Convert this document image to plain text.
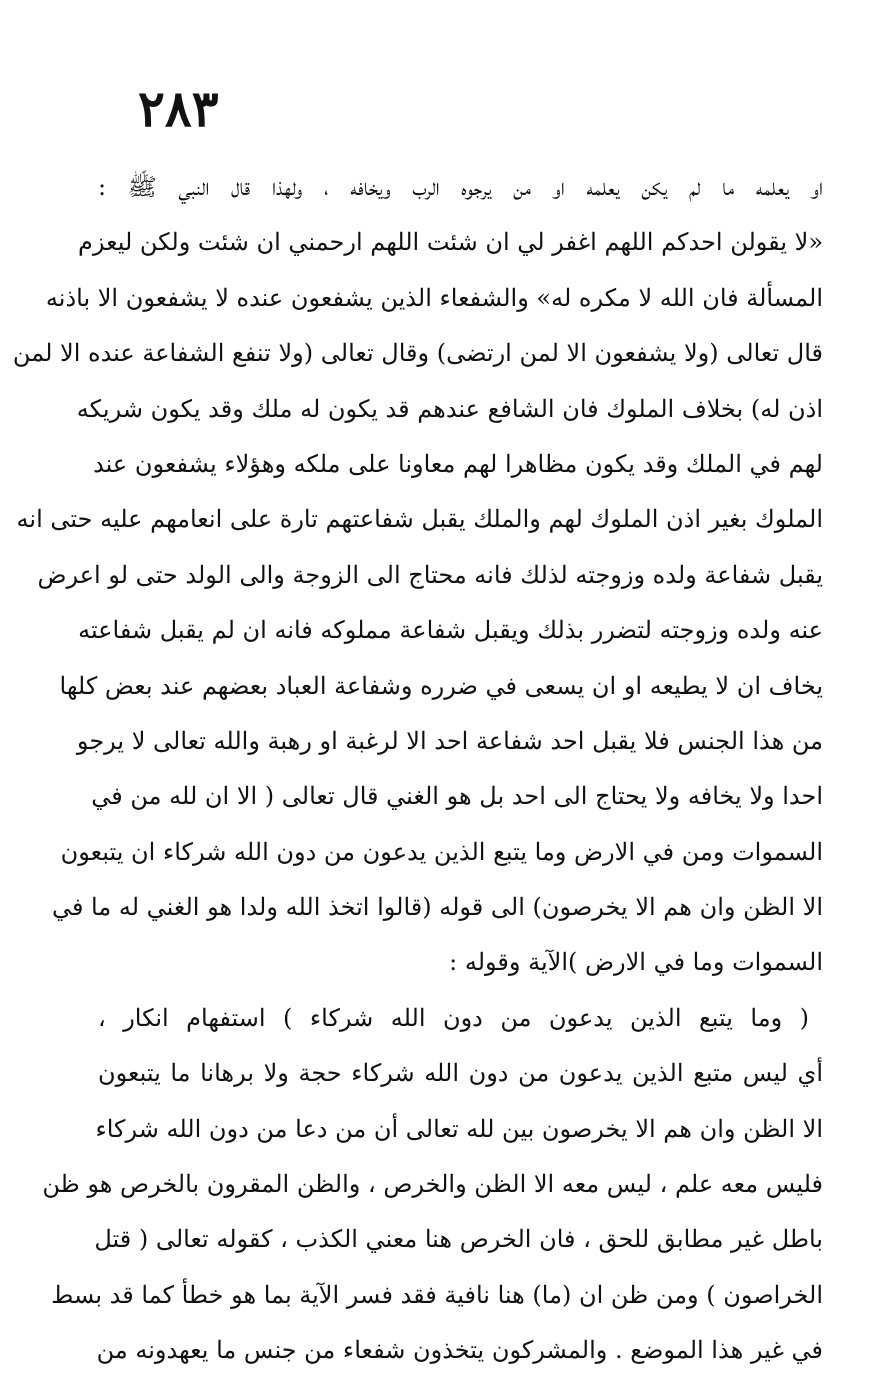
٢٨٣
او يعلمه ما لم يكن يعلمه او من يرجوه الرب ويخافه ، ولهذا قال النبي ﷺ :
«لا يقولن احدكم اللهم اغفر لي ان شئت اللهم ارحمني ان شئت ولكن ليعزم
المسألة فان الله لا مكره له» والشفعاء الذين يشفعون عنده لا يشفعون الا باذنه
قال تعالى (ولا يشفعون الا لمن ارتضى) وقال تعالى (ولا تنفع الشفاعة عنده الا لمن
اذن له) بخلاف الملوك فان الشافع عندهم قد يكون له ملك وقد يكون شريكه
لهم في الملك وقد يكون مظاهرا لهم معاونا على ملكه وهؤلاء يشفعون عند
الملوك بغير اذن الملوك لهم والملك يقبل شفاعتهم تارة على انعامهم عليه حتى انه
يقبل شفاعة ولده وزوجته لذلك فانه محتاج الى الزوجة والى الولد حتى لو اعرض
عنه ولده وزوجته لتضرر بذلك ويقبل شفاعة مملوكه فانه ان لم يقبل شفاعته
يخاف ان لا يطيعه او ان يسعى في ضرره وشفاعة العباد بعضهم عند بعض كلها
من هذا الجنس فلا يقبل احد شفاعة احد الا لرغبة او رهبة والله تعالى لا يرجو
احدا ولا يخافه ولا يحتاج الى احد بل هو الغني قال تعالى ( الا ان لله من في
السموات ومن في الارض وما يتبع الذين يدعون من دون الله شركاء ان يتبعون
الا الظن وان هم الا يخرصون) الى قوله (قالوا اتخذ الله ولدا هو الغني له ما في
السموات وما في الارض )الآية وقوله :
( وما يتبع الذين يدعون من دون الله شركاء ) استفهام انكار ،
أي ليس متبع الذين يدعون من دون الله شركاء حجة ولا برهانا ما يتبعون
الا الظن وان هم الا يخرصون بين لله تعالى أن من دعا من دون الله شركاء
فليس معه علم ، ليس معه الا الظن والخرص ، والظن المقرون بالخرص هو ظن
باطل غير مطابق للحق ، فان الخرص هنا معني الكذب ، كقوله تعالى ( قتل
الخراصون ) ومن ظن ان (ما) هنا نافية فقد فسر الآية بما هو خطأ كما قد بسط
في غير هذا الموضع . والمشركون يتخذون شفعاء من جنس ما يعهدونه من
